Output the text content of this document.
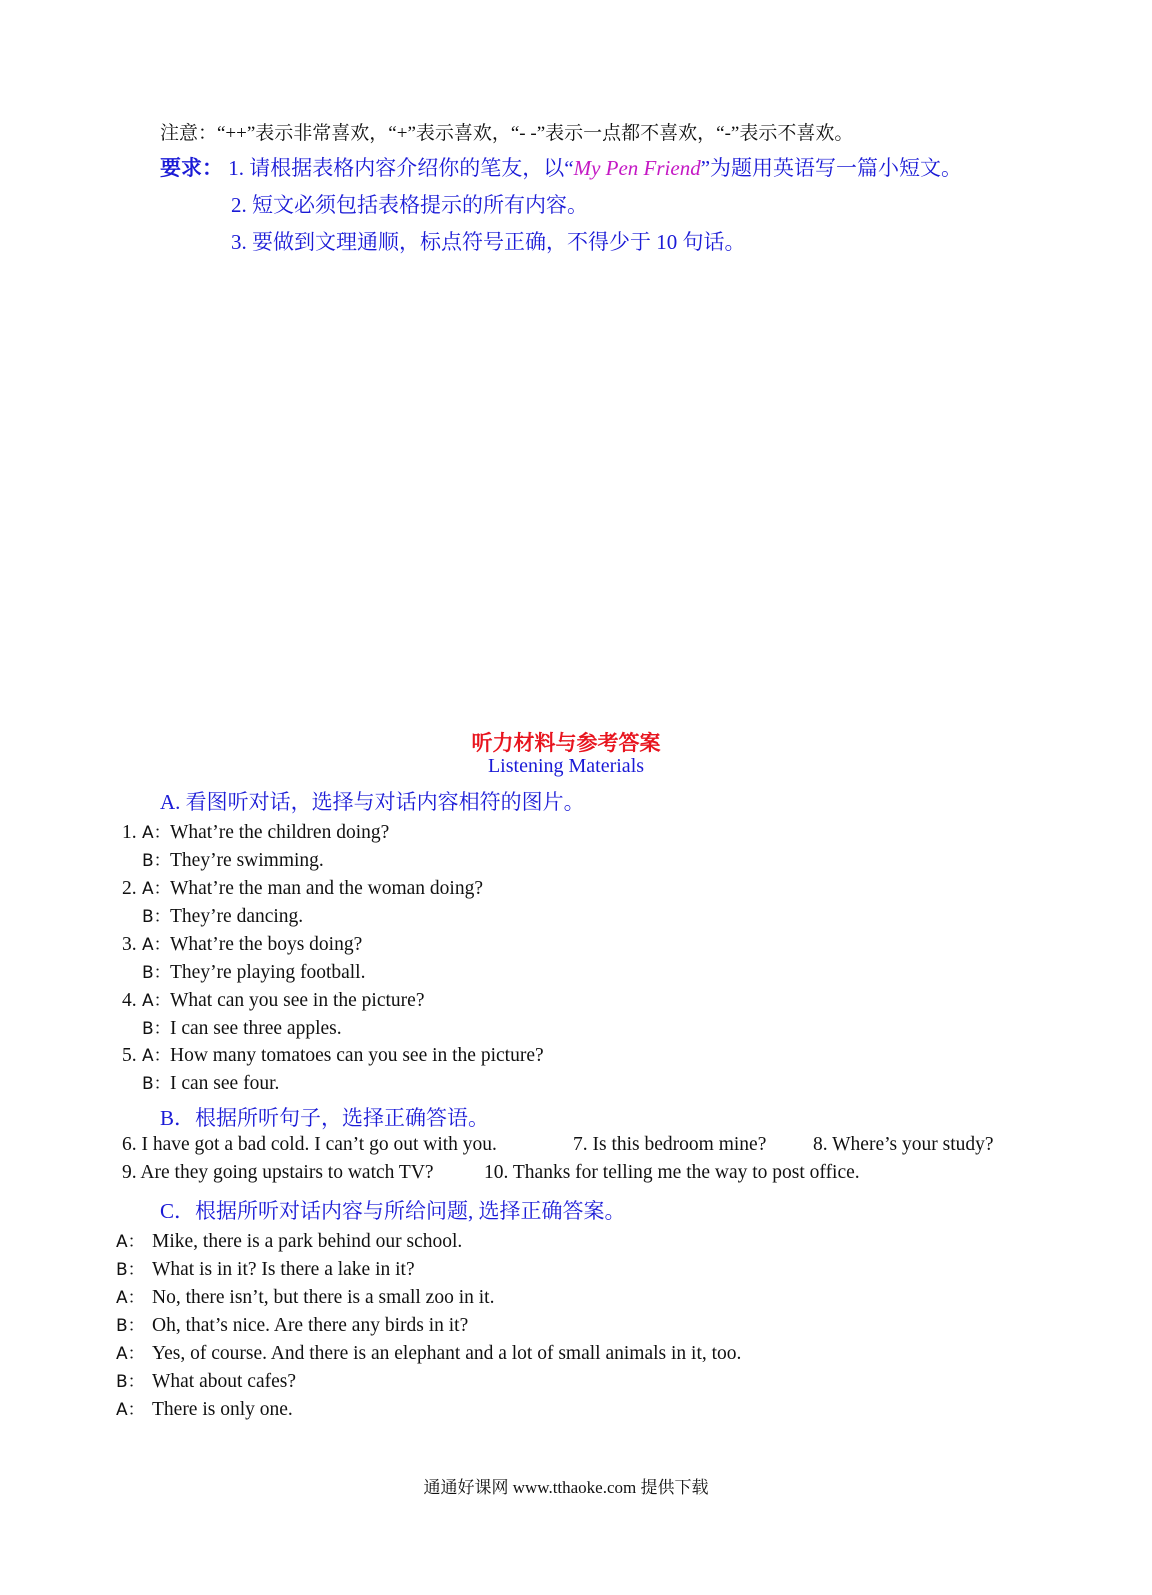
注意：“++”表示非常喜欢，“+”表示喜欢，“- -”表示一点都不喜欢，“-”表示不喜欢。
要求： 1. 请根据表格内容介绍你的笔友，以“My Pen Friend”为题用英语写一篇小短文。
2. 短文必须包括表格提示的所有内容。
3. 要做到文理通顺，标点符号正确，不得少于 10 句话。
听力材料与参考答案
Listening Materials
A. 看图听对话，选择与对话内容相符的图片。
1. A：What’re the children doing?
B：They’re swimming.
2. A：What’re the man and the woman doing?
B：They’re dancing.
3. A：What’re the boys doing?
B：They’re playing football.
4. A：What can you see in the picture?
B：I can see three apples.
5. A：How many tomatoes can you see in the picture?
B：I can see four.
B．根据所听句子，选择正确答语。
6. I have got a bad cold. I can’t go out with you.	7. Is this bedroom mine? 8. Where’s your study?
9. Are they going upstairs to watch TV?	10. Thanks for telling me the way to post office.
C．根据所听对话内容与所给问题, 选择正确答案。
A： Mike, there is a park behind our school.
B： What is in it? Is there a lake in it?
A： No, there isn’t, but there is a small zoo in it.
B： Oh, that’s nice. Are there any birds in it?
A： Yes, of course. And there is an elephant and a lot of small animals in it, too.
B： What about cafes?
A： There is only one.
通通好课网 www.tthaoke.com 提供下载
